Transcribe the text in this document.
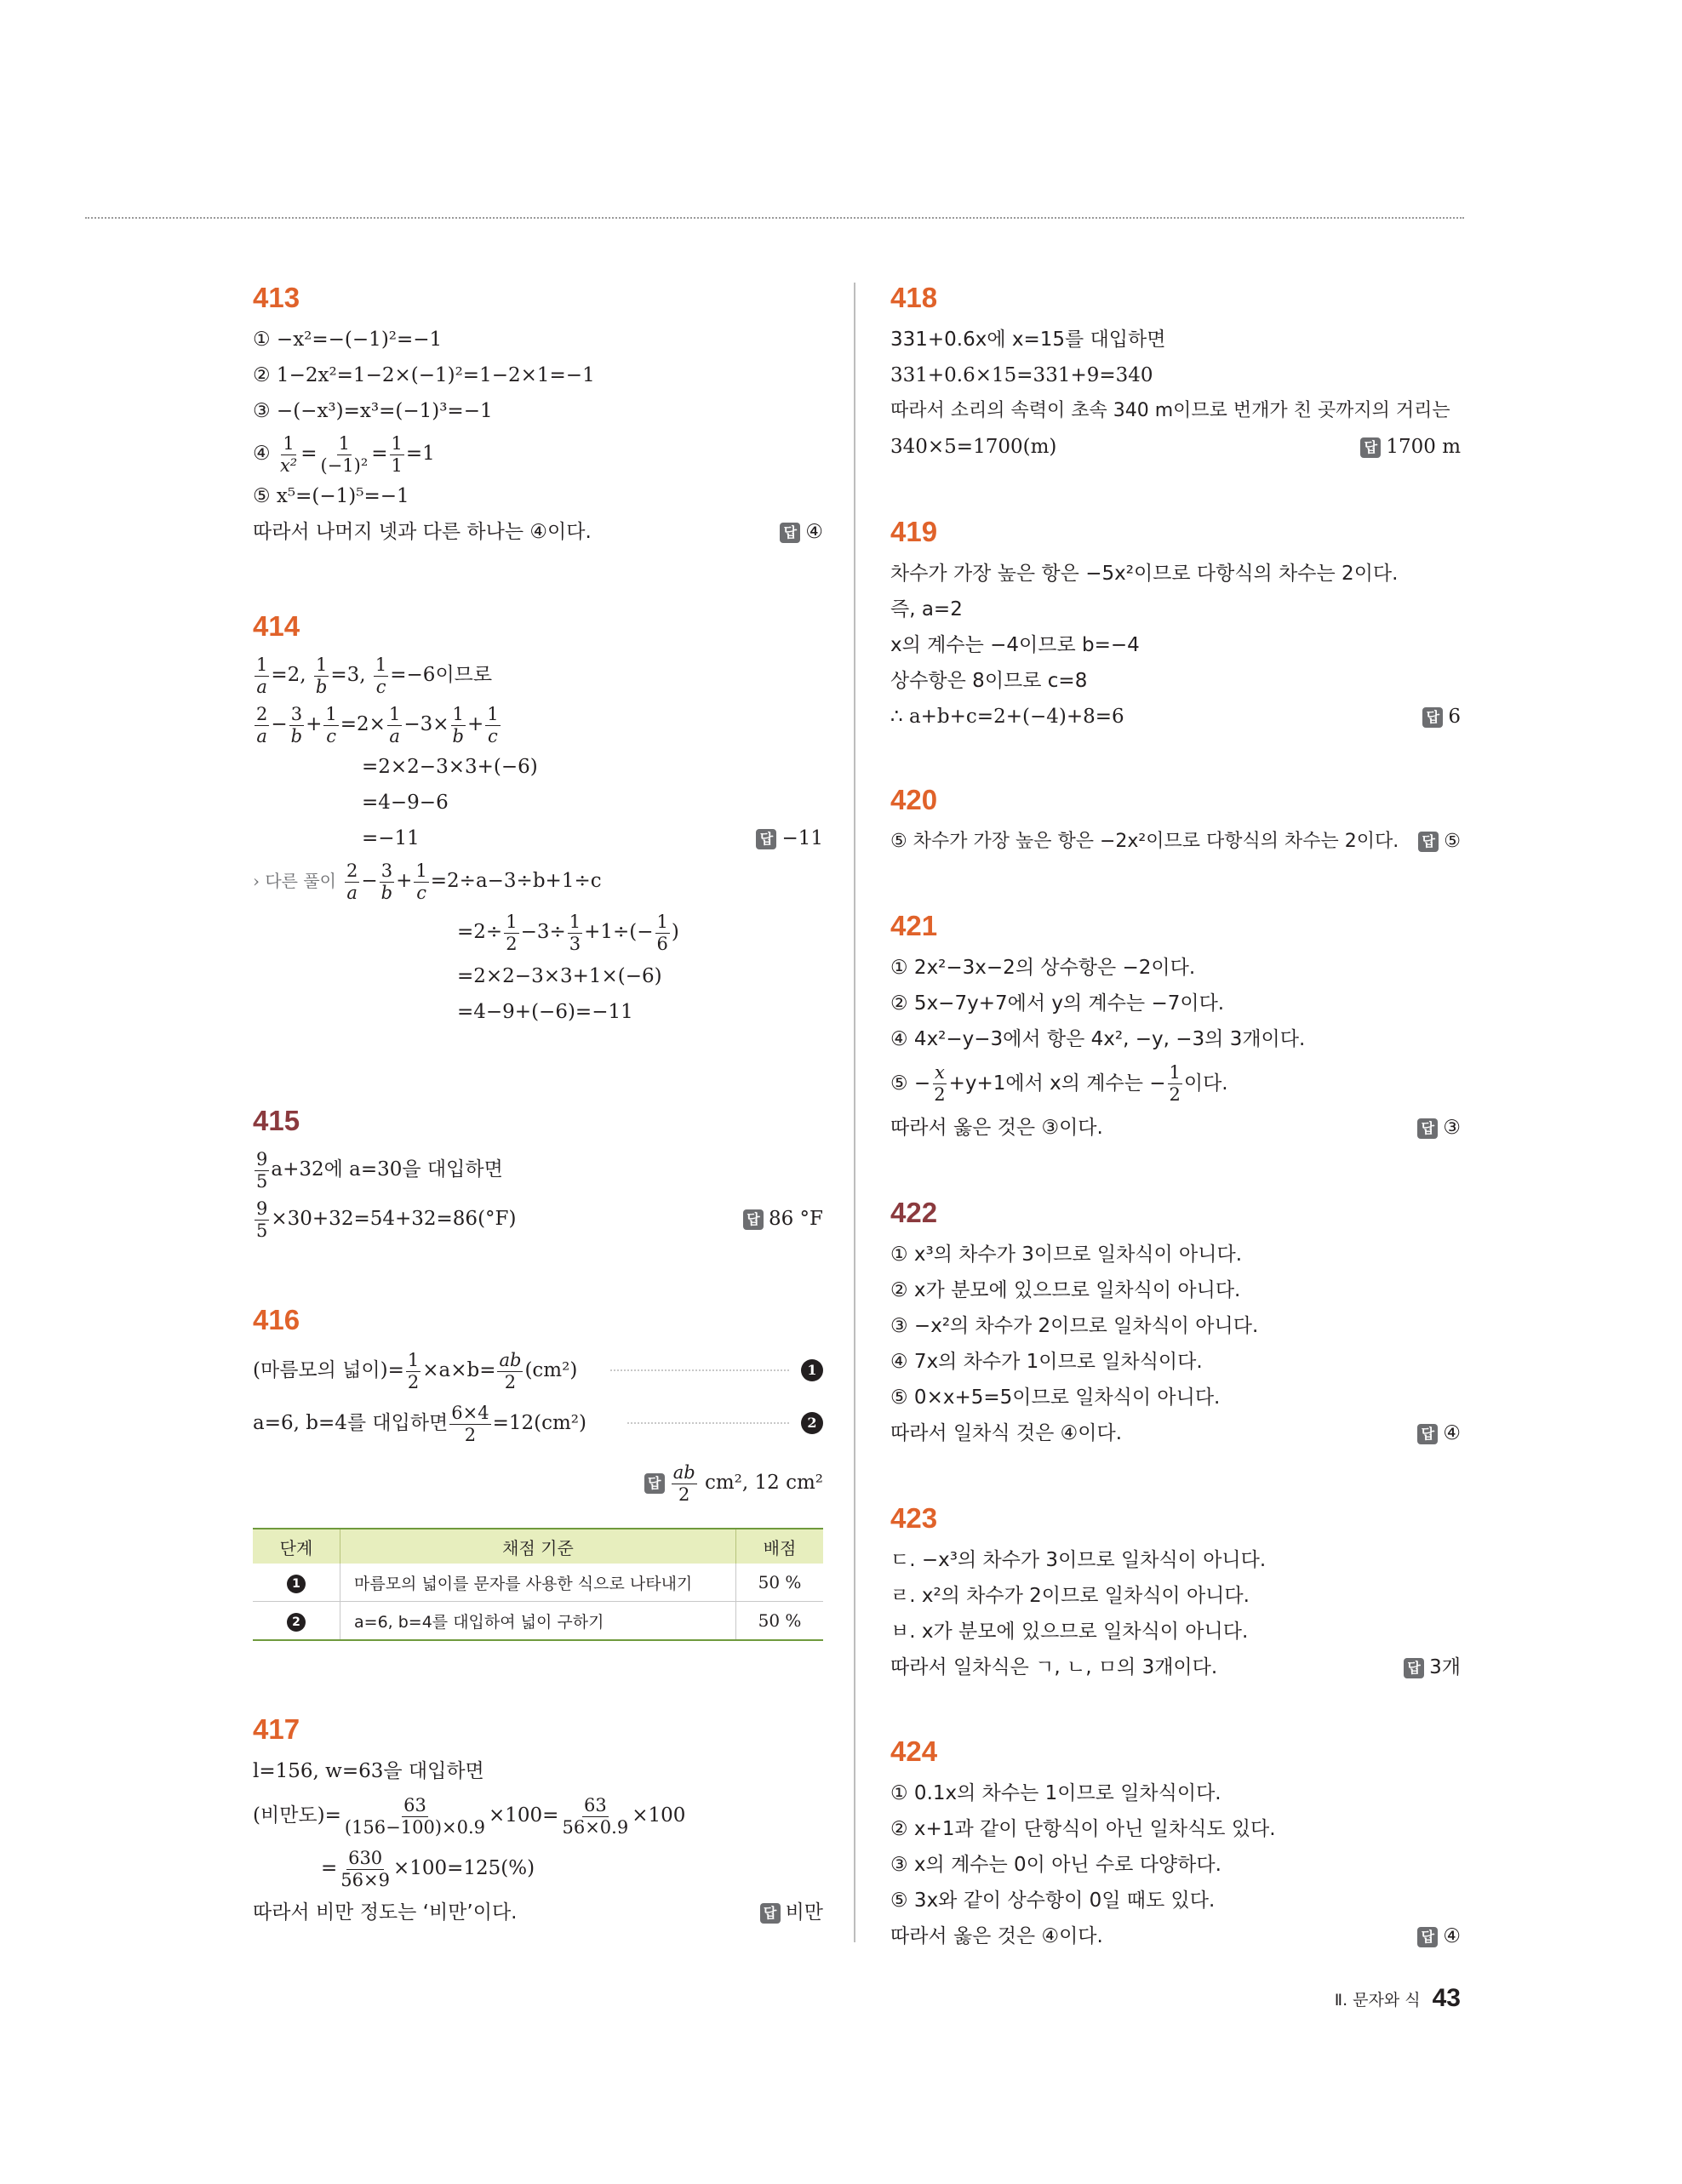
413
① −x²=−(−1)²=−1
② 1−2x²=1−2×(−1)²=1−2×1=−1
③ −(−x³)=x³=(−1)³=−1
④ $\frac{1}{\text{x²}} = \frac{1}{\text{(−1)²}} = \frac{1}{1} =1$
⑤ x⁵=(−1)⁵=−1
따라서 나머지 넷과 다른 하나는 ④이다.	답 ④
414
$\frac{1}{a} =2$, $\frac{1}{b} =3$, $\frac{1}{c} =-6$이므로
$\frac{2}{a} - \frac{3}{b} + \frac{1}{c} =2\times \frac{1}{a} -3\times \frac{1}{b} + \frac{1}{c}$
=2×2−3×3+(−6)
=4−9−6
=−11	답 −11
› 다른 풀이 $\frac{2}{a} - \frac{3}{b} + \frac{1}{c} =2\div a-3\div b+1\div c$
$=2\div \frac{1}{2} -3\div \frac{1}{3} +1\div(- \frac{1}{6}$ )
=2×2−3×3+1×(−6)
=4−9+(−6)=−11
415
$\frac{9}{5} a+32$에 a=30을 대입하면
$\frac{9}{5} \times 30+32=54+32=86(^\circ F)$	답 86 °F
416
(마름모의 넓이)= $\frac{1}{2} \times a\times b= \frac{ab}{2} (cm^2)$	1
a=6, b=4를 대입하면 $\frac{6\times 4}{2} =12(cm^2)$	2
답 $\frac{ab}{2} cm^2$, 12 cm²
단계	채점 기준	배점
1	마름모의 넓이를 문자를 사용한 식으로 나타내기	50 %
2	a=6, b=4를 대입하여 넓이 구하기	50 %
417
l=156, w=63을 대입하면
(비만도)= $\frac{63}{(156-100)\times 0.9} \times 100= \frac{63}{56\times 0.9} \times 100$
= $\frac{630}{56\times 9} \times 100=125(\%)$
따라서 비만 정도는 ‘비만’이다.	답 비만
418
331+0.6x에 x=15를 대입하면
331+0.6×15=331+9=340
따라서 소리의 속력이 초속 340 m이므로 번개가 친 곳까지의 거리는
340×5=1700(m)	답 1700 m
419
차수가 가장 높은 항은 −5x²이므로 다항식의 차수는 2이다.
즉, a=2
x의 계수는 −4이므로 b=−4
상수항은 8이므로 c=8
∴ a+b+c=2+(−4)+8=6	답 6
420
⑤ 차수가 가장 높은 항은 −2x²이므로 다항식의 차수는 2이다. 답 ⑤
421
① 2x²−3x−2의 상수항은 −2이다.
② 5x−7y+7에서 y의 계수는 −7이다.
④ 4x²−y−3에서 항은 4x², −y, −3의 3개이다.
⑤ − $\frac{x}{2} +y+1$에서 x의 계수는 − $\frac{1}{2}$ 이다.
따라서 옳은 것은 ③이다.	답 ③
422
① x³의 차수가 3이므로 일차식이 아니다.
② x가 분모에 있으므로 일차식이 아니다.
③ −x²의 차수가 2이므로 일차식이 아니다.
④ 7x의 차수가 1이므로 일차식이다.
⑤ 0×x+5=5이므로 일차식이 아니다.
따라서 일차식 것은 ④이다.	답 ④
423
ㄷ. −x³의 차수가 3이므로 일차식이 아니다.
ㄹ. x²의 차수가 2이므로 일차식이 아니다.
ㅂ. x가 분모에 있으므로 일차식이 아니다.
따라서 일차식은 ㄱ, ㄴ, ㅁ의 3개이다.	답 3개
424
① 0.1x의 차수는 1이므로 일차식이다.
② x+1과 같이 단항식이 아닌 일차식도 있다.
③ x의 계수는 0이 아닌 수로 다양하다.
⑤ 3x와 같이 상수항이 0일 때도 있다.
따라서 옳은 것은 ④이다.	답 ④
Ⅱ. 문자와 식 43
